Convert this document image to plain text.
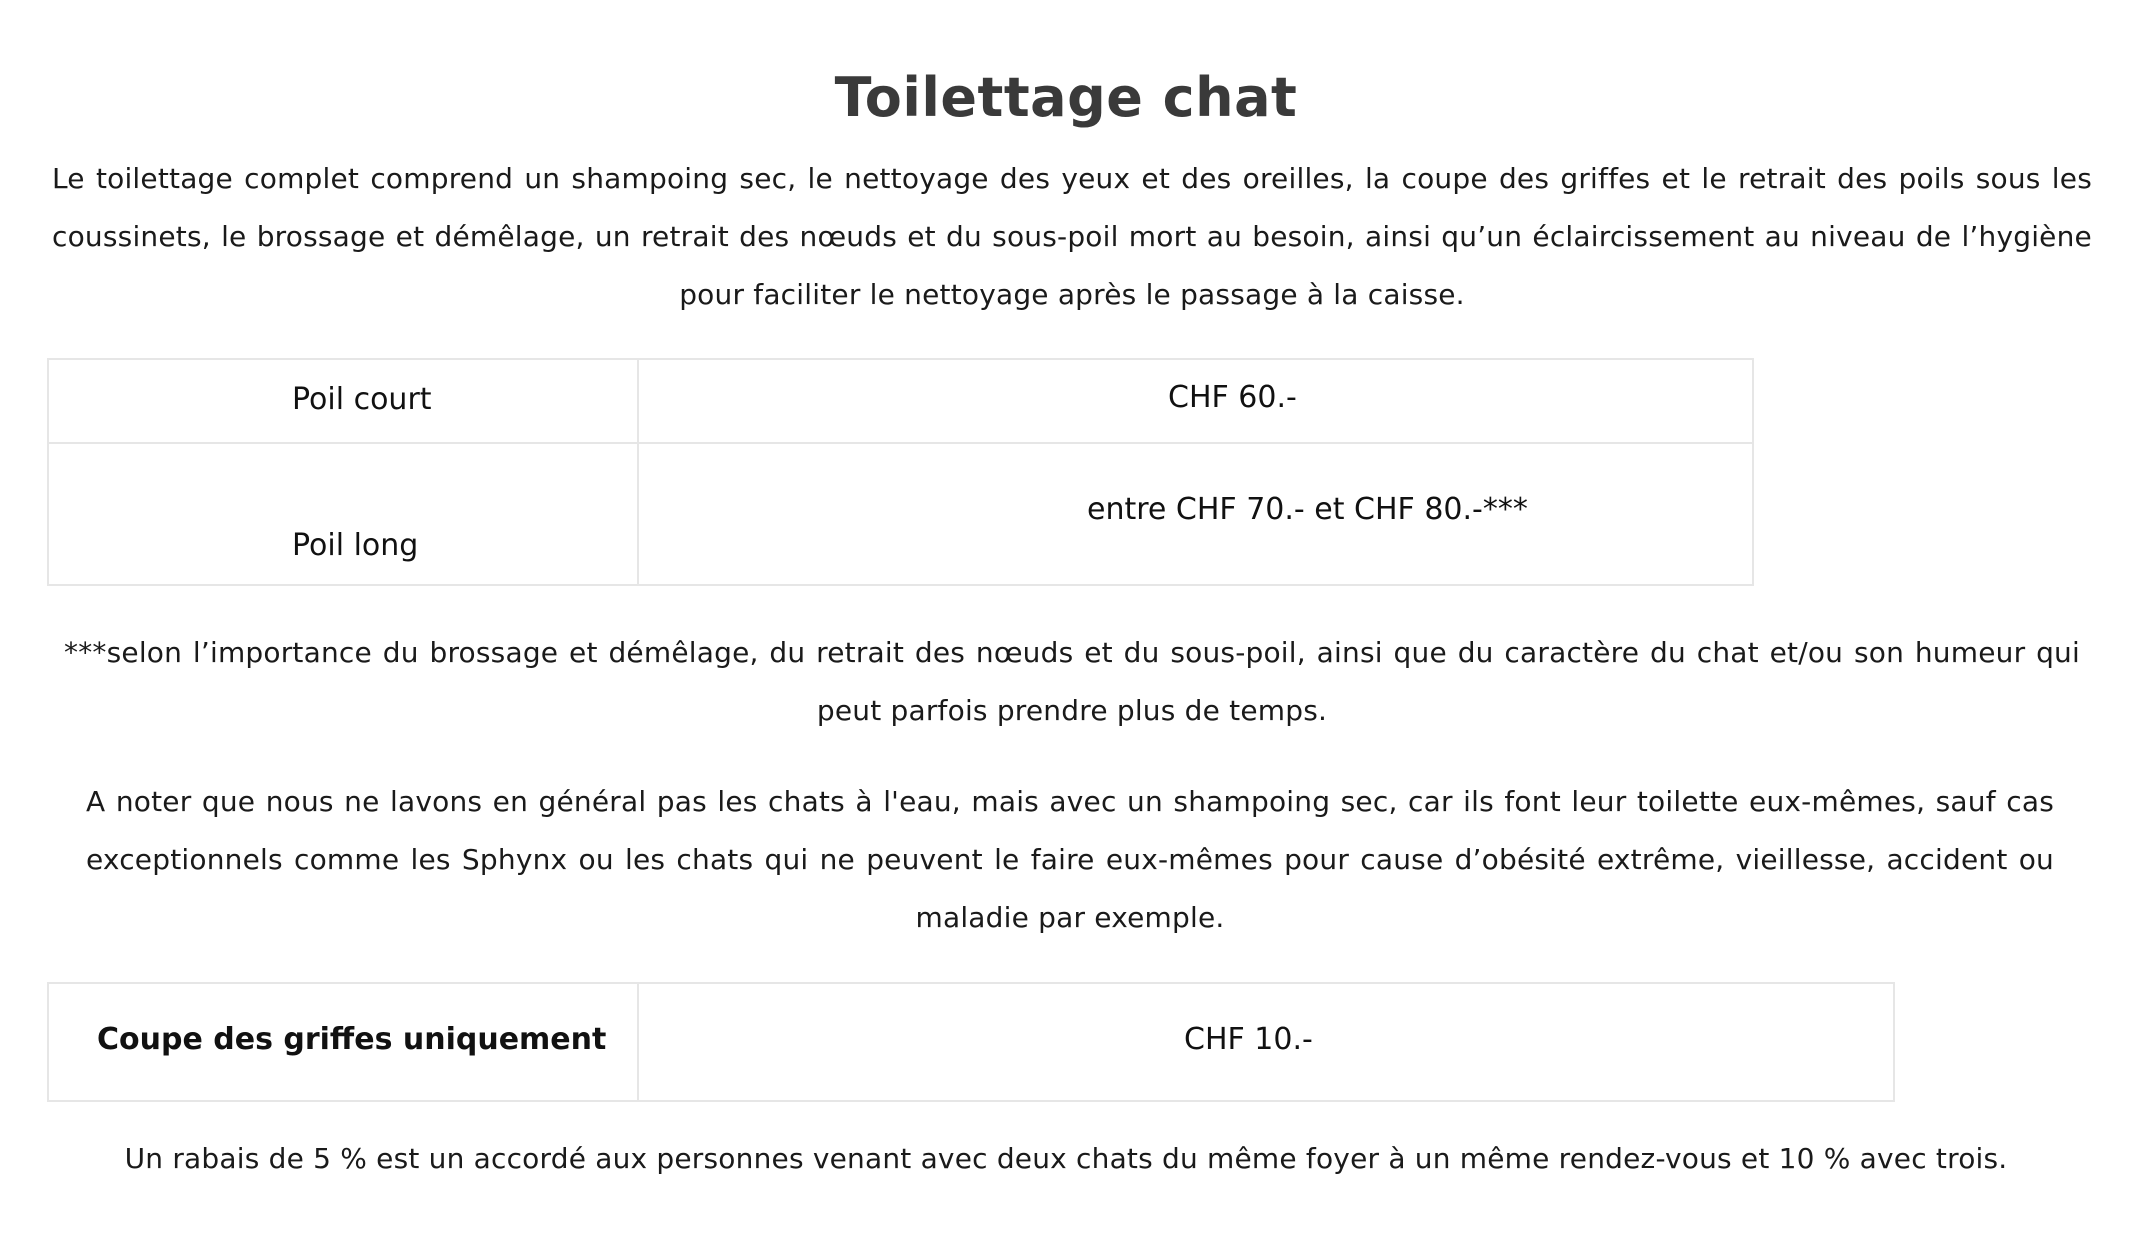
Toilettage chat

Le toilettage complet comprend un shampoing sec, le nettoyage des yeux et des oreilles, la coupe des griffes et le retrait des poils sous les coussinets, le brossage et démêlage, un retrait des nœuds et du sous-poil mort au besoin, ainsi qu’un éclaircissement au niveau de l’hygiène pour faciliter le nettoyage après le passage à la caisse.

Poil court	CHF 60.-

Poil long	entre CHF 70.- et CHF 80.-***

***selon l’importance du brossage et démêlage, du retrait des nœuds et du sous-poil, ainsi que du caractère du chat et/ou son humeur qui peut parfois prendre plus de temps.

A noter que nous ne lavons en général pas les chats à l'eau, mais avec un shampoing sec, car ils font leur toilette eux-mêmes, sauf cas exceptionnels comme les Sphynx ou les chats qui ne peuvent le faire eux-mêmes pour cause d’obésité extrême, vieillesse, accident ou maladie par exemple.

Coupe des griffes uniquement	CHF 10.-

Un rabais de 5 % est un accordé aux personnes venant avec deux chats du même foyer à un même rendez-vous et 10 % avec trois.
